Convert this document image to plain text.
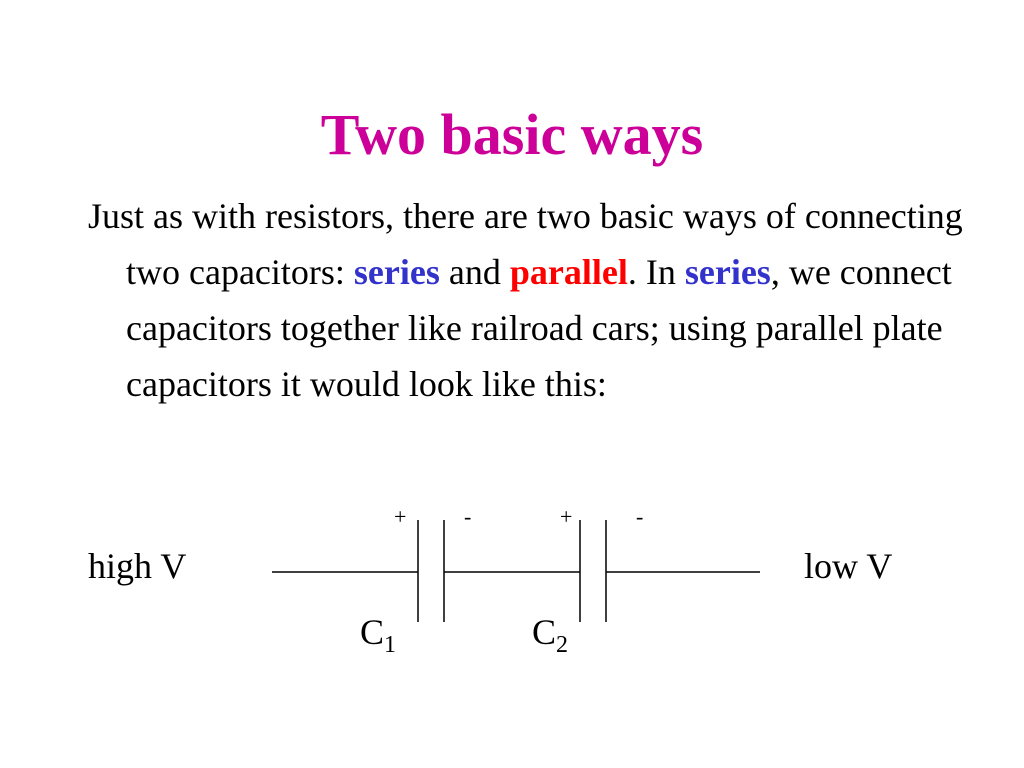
Two basic ways
Just as with resistors, there are two basic ways of connecting two capacitors: series and parallel. In series, we connect capacitors together like railroad cars; using parallel plate capacitors it would look like this:
high V	low V
+	-	+	-
$C_1$	$C_2$
